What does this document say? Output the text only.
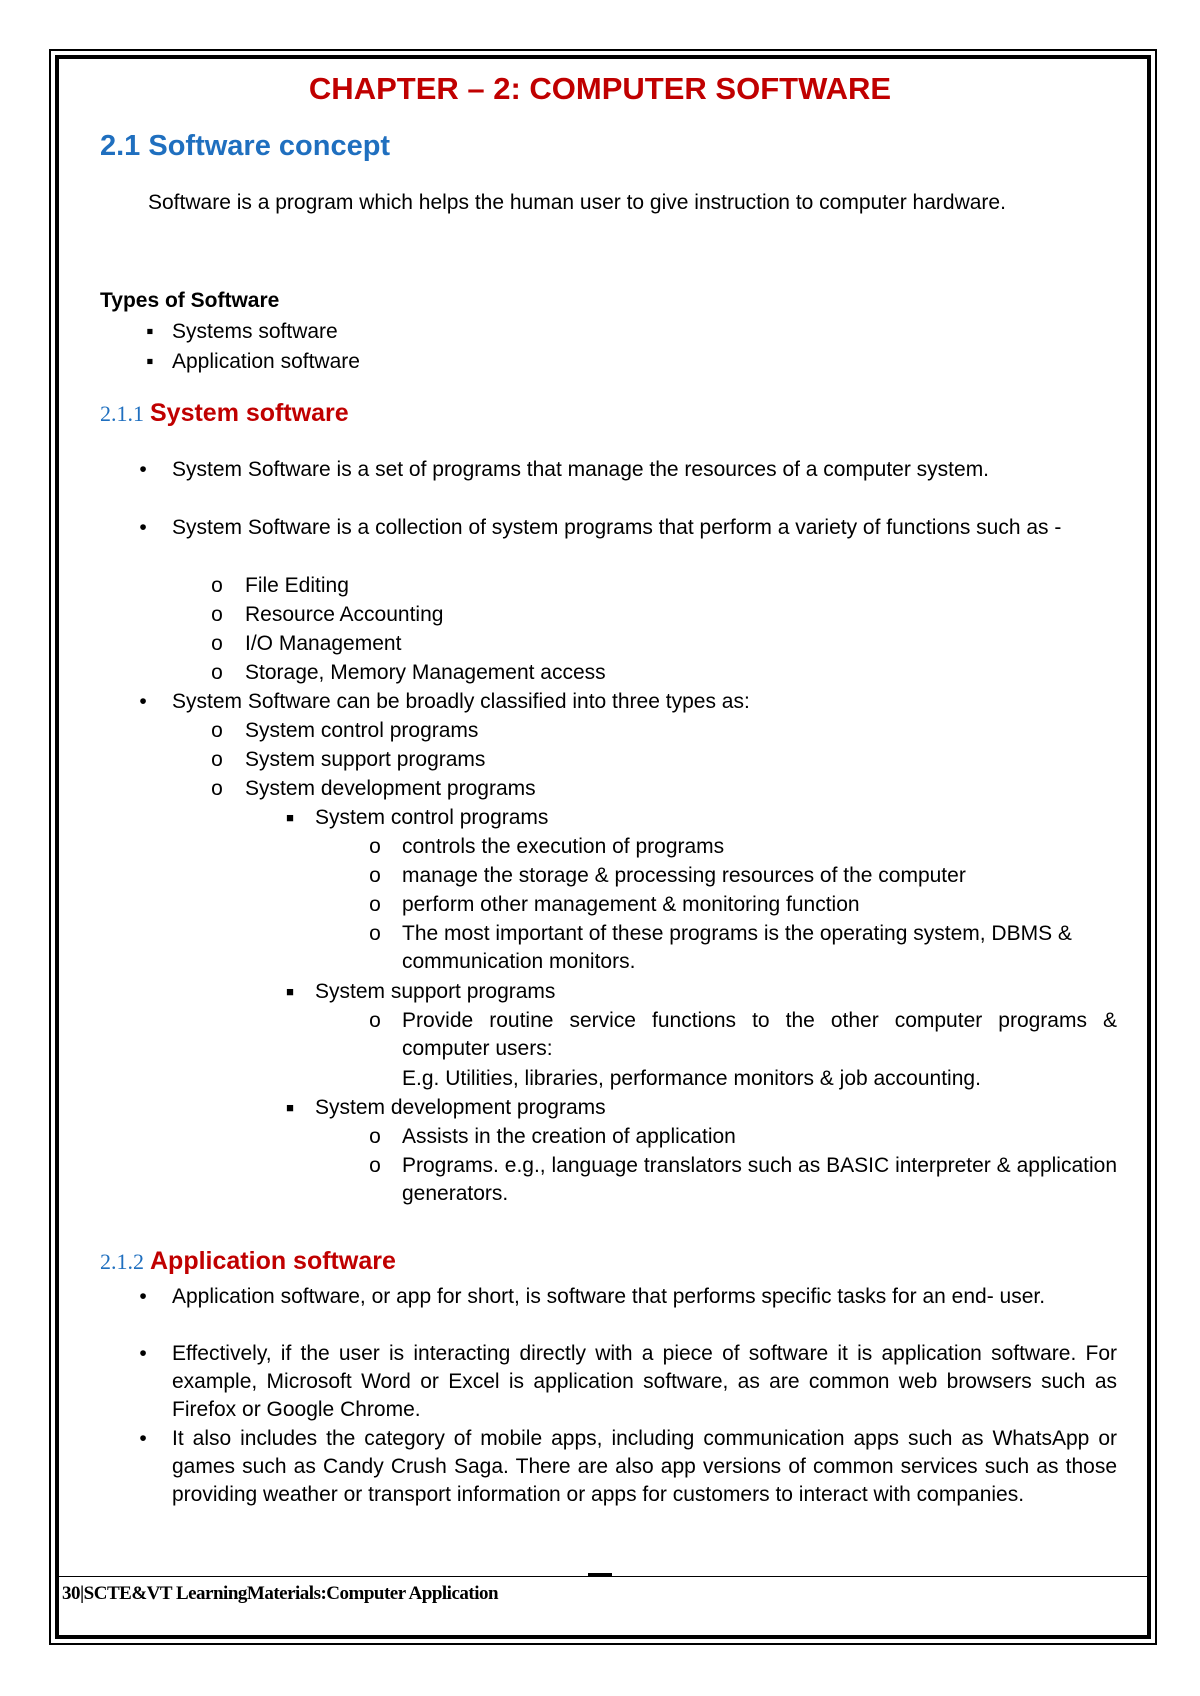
CHAPTER – 2: COMPUTER SOFTWARE
2.1 Software concept
Software is a program which helps the human user to give instruction to computer hardware.
Types of Software
▪ Systems software
▪ Application software
2.1.1 System software
•	System Software is a set of programs that manage the resources of a computer system.
•	System Software is a collection of system programs that perform a variety of functions such as -
o File Editing
o Resource Accounting
o I/O Management
o Storage, Memory Management access
•	System Software can be broadly classified into three types as:
o System control programs
o System support programs
o System development programs
■ System control programs
o controls the execution of programs
o manage the storage & processing resources of the computer
o perform other management & monitoring function
o The most important of these programs is the operating system, DBMS & communication monitors.
■ System support programs
o Provide routine service functions to the other computer programs & computer users:
E.g. Utilities, libraries, performance monitors & job accounting.
■ System development programs
o Assists in the creation of application
o Programs. e.g., language translators such as BASIC interpreter & application generators.
2.1.2 Application software
•	Application software, or app for short, is software that performs specific tasks for an end- user.
•	Effectively, if the user is interacting directly with a piece of software it is application software. For example, Microsoft Word or Excel is application software, as are common web browsers such as Firefox or Google Chrome.
•	It also includes the category of mobile apps, including communication apps such as WhatsApp or games such as Candy Crush Saga. There are also app versions of common services such as those providing weather or transport information or apps for customers to interact with companies.
30|SCTE&VT LearningMaterials:Computer Application
